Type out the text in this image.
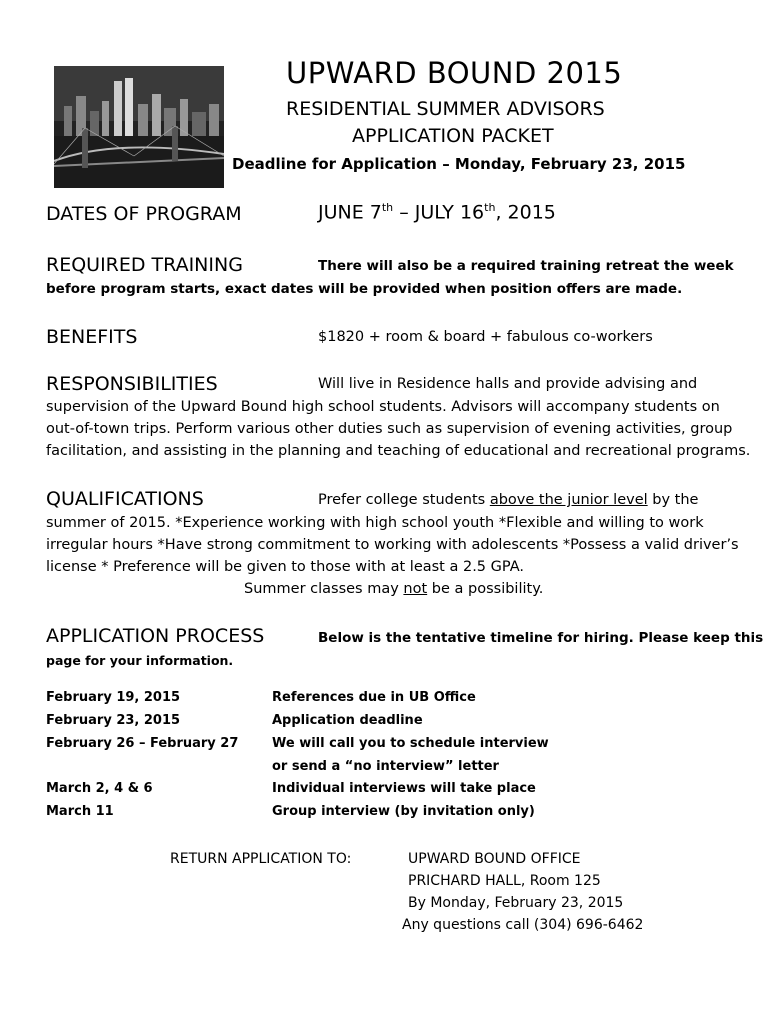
UPWARD BOUND 2015
RESIDENTIAL SUMMER ADVISORS
APPLICATION PACKET
Deadline for Application – Monday, February 23, 2015
DATES OF PROGRAM	JUNE 7th – JULY 16th, 2015
REQUIRED TRAINING	There will also be a required training retreat the week
before program starts, exact dates will be provided when position offers are made.
BENEFITS	$1820 + room & board + fabulous co-workers
RESPONSIBILITIES	Will live in Residence halls and provide advising and
supervision of the Upward Bound high school students. Advisors will accompany students on
out-of-town trips. Perform various other duties such as supervision of evening activities, group
facilitation, and assisting in the planning and teaching of educational and recreational programs.
QUALIFICATIONS	Prefer college students above the junior level by the
summer of 2015. *Experience working with high school youth *Flexible and willing to work
irregular hours *Have strong commitment to working with adolescents *Possess a valid driver’s
license * Preference will be given to those with at least a 2.5 GPA.
Summer classes may not be a possibility.
APPLICATION PROCESS	Below is the tentative timeline for hiring. Please keep this
page for your information.
February 19, 2015	References due in UB Office
February 23, 2015	Application deadline
February 26 – February 27	We will call you to schedule interview
or send a “no interview” letter
March 2, 4 & 6	Individual interviews will take place
March 11	Group interview (by invitation only)
RETURN APPLICATION TO:	UPWARD BOUND OFFICE
PRICHARD HALL, Room 125
By Monday, February 23, 2015
Any questions call (304) 696-6462
